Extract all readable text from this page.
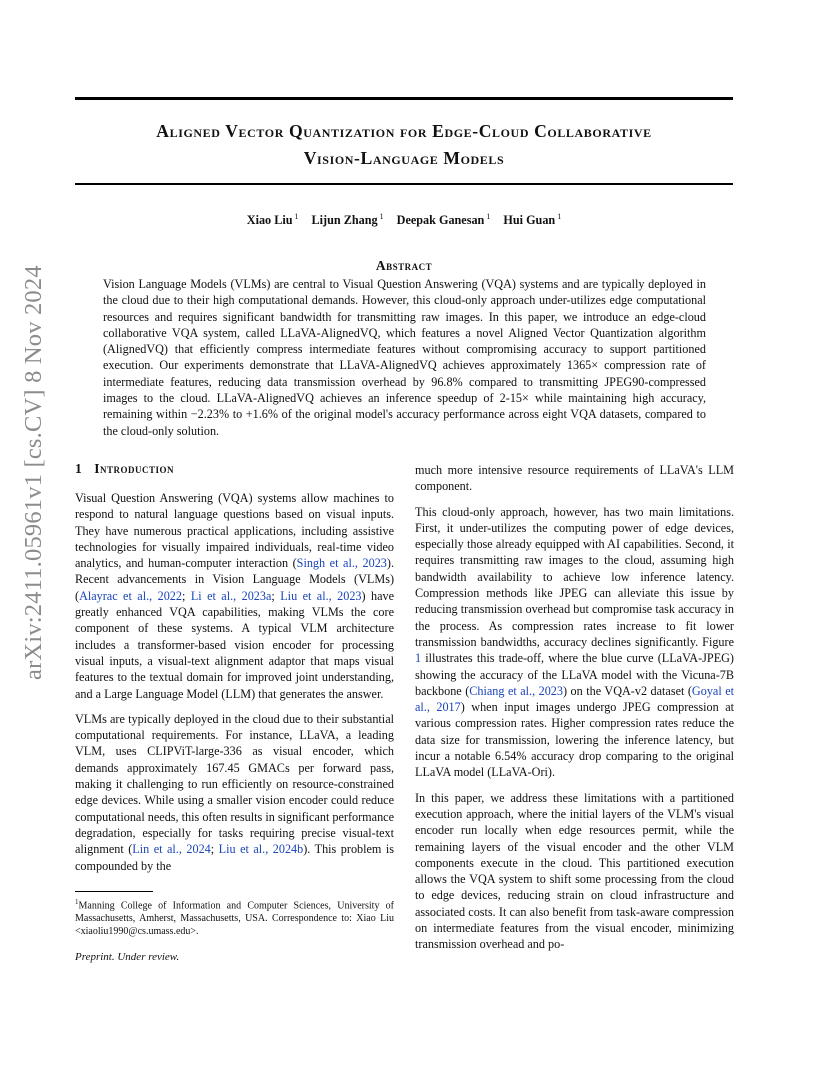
arXiv:2411.05961v1 [cs.CV] 8 Nov 2024
Aligned Vector Quantization for Edge-Cloud Collaborative
Vision-Language Models
Xiao Liu $^1$ Lijun Zhang $^1$ Deepak Ganesan $^1$ Hui Guan $^1$
Abstract
Vision Language Models (VLMs) are central to Visual Question Answering (VQA) systems and are typically deployed in the cloud due to their high computational demands. However, this cloud-only approach under-utilizes edge computational resources and requires significant bandwidth for transmitting raw images. In this paper, we introduce an edge-cloud collaborative VQA system, called LLaVA-AlignedVQ, which features a novel Aligned Vector Quantization algorithm (AlignedVQ) that efficiently compress intermediate features without compromising accuracy to support partitioned execution. Our experiments demonstrate that LLaVA-AlignedVQ achieves approximately 1365× compression rate of intermediate features, reducing data transmission overhead by 96.8% compared to transmitting JPEG90-compressed images to the cloud. LLaVA-AlignedVQ achieves an inference speedup of 2-15× while maintaining high accuracy, remaining within −2.23% to +1.6% of the original model's accuracy performance across eight VQA datasets, compared to the cloud-only solution.
1 Introduction

Visual Question Answering (VQA) systems allow machines to respond to natural language questions based on visual inputs. They have numerous practical applications, including assistive technologies for visually impaired individuals, real-time video analytics, and human-computer interaction (Singh et al., 2023). Recent advancements in Vision Language Models (VLMs) (Alayrac et al., 2022; Li et al., 2023a; Liu et al., 2023) have greatly enhanced VQA capabilities, making VLMs the core component of these systems. A typical VLM architecture includes a transformer-based vision encoder for processing visual inputs, a visual-text alignment adaptor that maps visual features to the textual domain for improved joint understanding, and a Large Language Model (LLM) that generates the answer.

VLMs are typically deployed in the cloud due to their substantial computational requirements. For instance, LLaVA, a leading VLM, uses CLIPViT-large-336 as visual encoder, which demands approximately 167.45 GMACs per forward pass, making it challenging to run efficiently on resource-constrained edge devices. While using a smaller vision encoder could reduce computational needs, this often results in significant performance degradation, especially for tasks requiring precise visual-text alignment (Lin et al., 2024; Liu et al., 2024b). This problem is compounded by the

$^1$Manning College of Information and Computer Sciences, University of Massachusetts, Amherst, Massachusetts, USA. Correspondence to: Xiao Liu <xiaoliu1990@cs.umass.edu>.
Preprint. Under review.

much more intensive resource requirements of LLaVA's LLM component.

This cloud-only approach, however, has two main limitations. First, it under-utilizes the computing power of edge devices, especially those already equipped with AI capabilities. Second, it requires transmitting raw images to the cloud, assuming high bandwidth availability to achieve low inference latency. Compression methods like JPEG can alleviate this issue by reducing transmission overhead but compromise task accuracy in the process. As compression rates increase to fit lower transmission bandwidths, accuracy declines significantly. Figure 1 illustrates this trade-off, where the blue curve (LLaVA-JPEG) showing the accuracy of the LLaVA model with the Vicuna-7B backbone (Chiang et al., 2023) on the VQA-v2 dataset (Goyal et al., 2017) when input images undergo JPEG compression at various compression rates. Higher compression rates reduce the data size for transmission, lowering the inference latency, but incur a notable 6.54% accuracy drop comparing to the original LLaVA model (LLaVA-Ori).

In this paper, we address these limitations with a partitioned execution approach, where the initial layers of the VLM's visual encoder run locally when edge resources permit, while the remaining layers of the visual encoder and the other VLM components execute in the cloud. This partitioned execution allows the VQA system to shift some processing from the cloud to edge devices, reducing strain on cloud infrastructure and associated costs. It can also benefit from task-aware compression on intermediate features from the visual encoder, minimizing transmission overhead and po-
